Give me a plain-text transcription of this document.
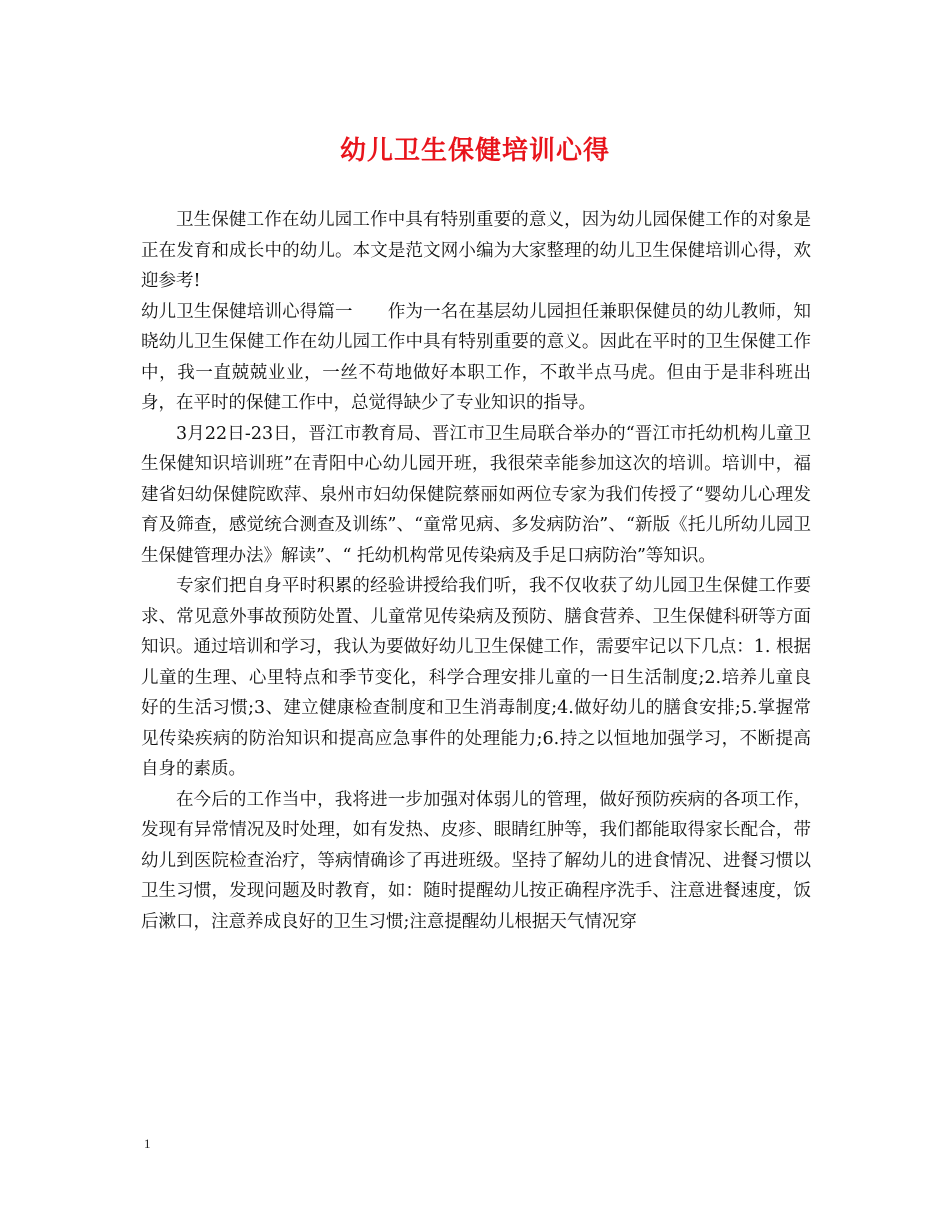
幼儿卫生保健培训心得

卫生保健工作在幼儿园工作中具有特别重要的意义，因为幼儿园保健工作的对象是正在发育和成长中的幼儿。本文是范文网小编为大家整理的幼儿卫生保健培训心得，欢迎参考!

幼儿卫生保健培训心得篇一　　作为一名在基层幼儿园担任兼职保健员的幼儿教师，知晓幼儿卫生保健工作在幼儿园工作中具有特别重要的意义。因此在平时的卫生保健工作中，我一直兢兢业业，一丝不苟地做好本职工作，不敢半点马虎。但由于是非科班出身，在平时的保健工作中，总觉得缺少了专业知识的指导。

3月22日-23日，晋江市教育局、晋江市卫生局联合举办的“晋江市托幼机构儿童卫生保健知识培训班”在青阳中心幼儿园开班，我很荣幸能参加这次的培训。培训中，福建省妇幼保健院欧萍、泉州市妇幼保健院蔡丽如两位专家为我们传授了“婴幼儿心理发育及筛查，感觉统合测查及训练”、“童常见病、多发病防治”、“新版《托儿所幼儿园卫生保健管理办法》解读”、“ 托幼机构常见传染病及手足口病防治”等知识。

专家们把自身平时积累的经验讲授给我们听，我不仅收获了幼儿园卫生保健工作要求、常见意外事故预防处置、儿童常见传染病及预防、膳食营养、卫生保健科研等方面知识。通过培训和学习，我认为要做好幼儿卫生保健工作，需要牢记以下几点：1. 根据儿童的生理、心里特点和季节变化，科学合理安排儿童的一日生活制度;2.培养儿童良好的生活习惯;3、建立健康检查制度和卫生消毒制度;4.做好幼儿的膳食安排;5.掌握常见传染疾病的防治知识和提高应急事件的处理能力;6.持之以恒地加强学习，不断提高自身的素质。

在今后的工作当中，我将进一步加强对体弱儿的管理，做好预防疾病的各项工作，发现有异常情况及时处理，如有发热、皮疹、眼睛红肿等，我们都能取得家长配合，带幼儿到医院检查治疗，等病情确诊了再进班级。坚持了解幼儿的进食情况、进餐习惯以卫生习惯，发现问题及时教育，如：随时提醒幼儿按正确程序洗手、注意进餐速度，饭后漱口，注意养成良好的卫生习惯;注意提醒幼儿根据天气情况穿

1
